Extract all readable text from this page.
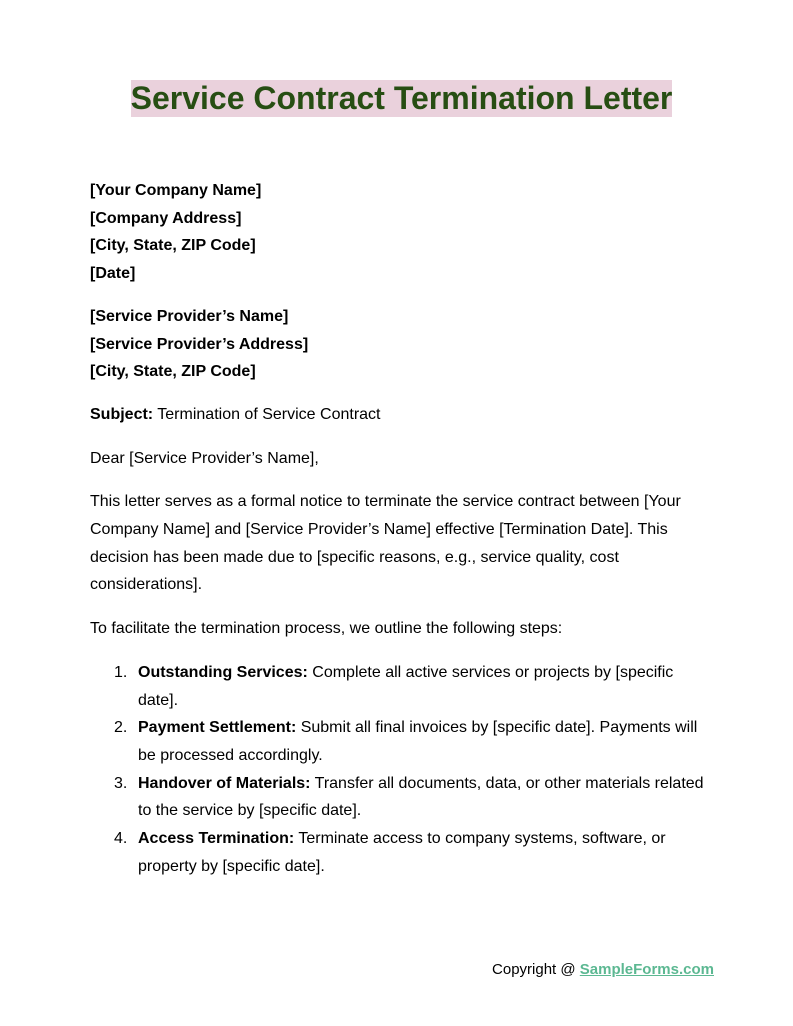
Service Contract Termination Letter
[Your Company Name]
[Company Address]
[City, State, ZIP Code]
[Date]
[Service Provider’s Name]
[Service Provider’s Address]
[City, State, ZIP Code]

Subject: Termination of Service Contract

Dear [Service Provider’s Name],

This letter serves as a formal notice to terminate the service contract between [Your Company Name] and [Service Provider’s Name] effective [Termination Date]. This decision has been made due to [specific reasons, e.g., service quality, cost considerations].

To facilitate the termination process, we outline the following steps:

1. Outstanding Services: Complete all active services or projects by [specific date].
2. Payment Settlement: Submit all final invoices by [specific date]. Payments will be processed accordingly.
3. Handover of Materials: Transfer all documents, data, or other materials related to the service by [specific date].
4. Access Termination: Terminate access to company systems, software, or property by [specific date].
Copyright @ SampleForms.com
